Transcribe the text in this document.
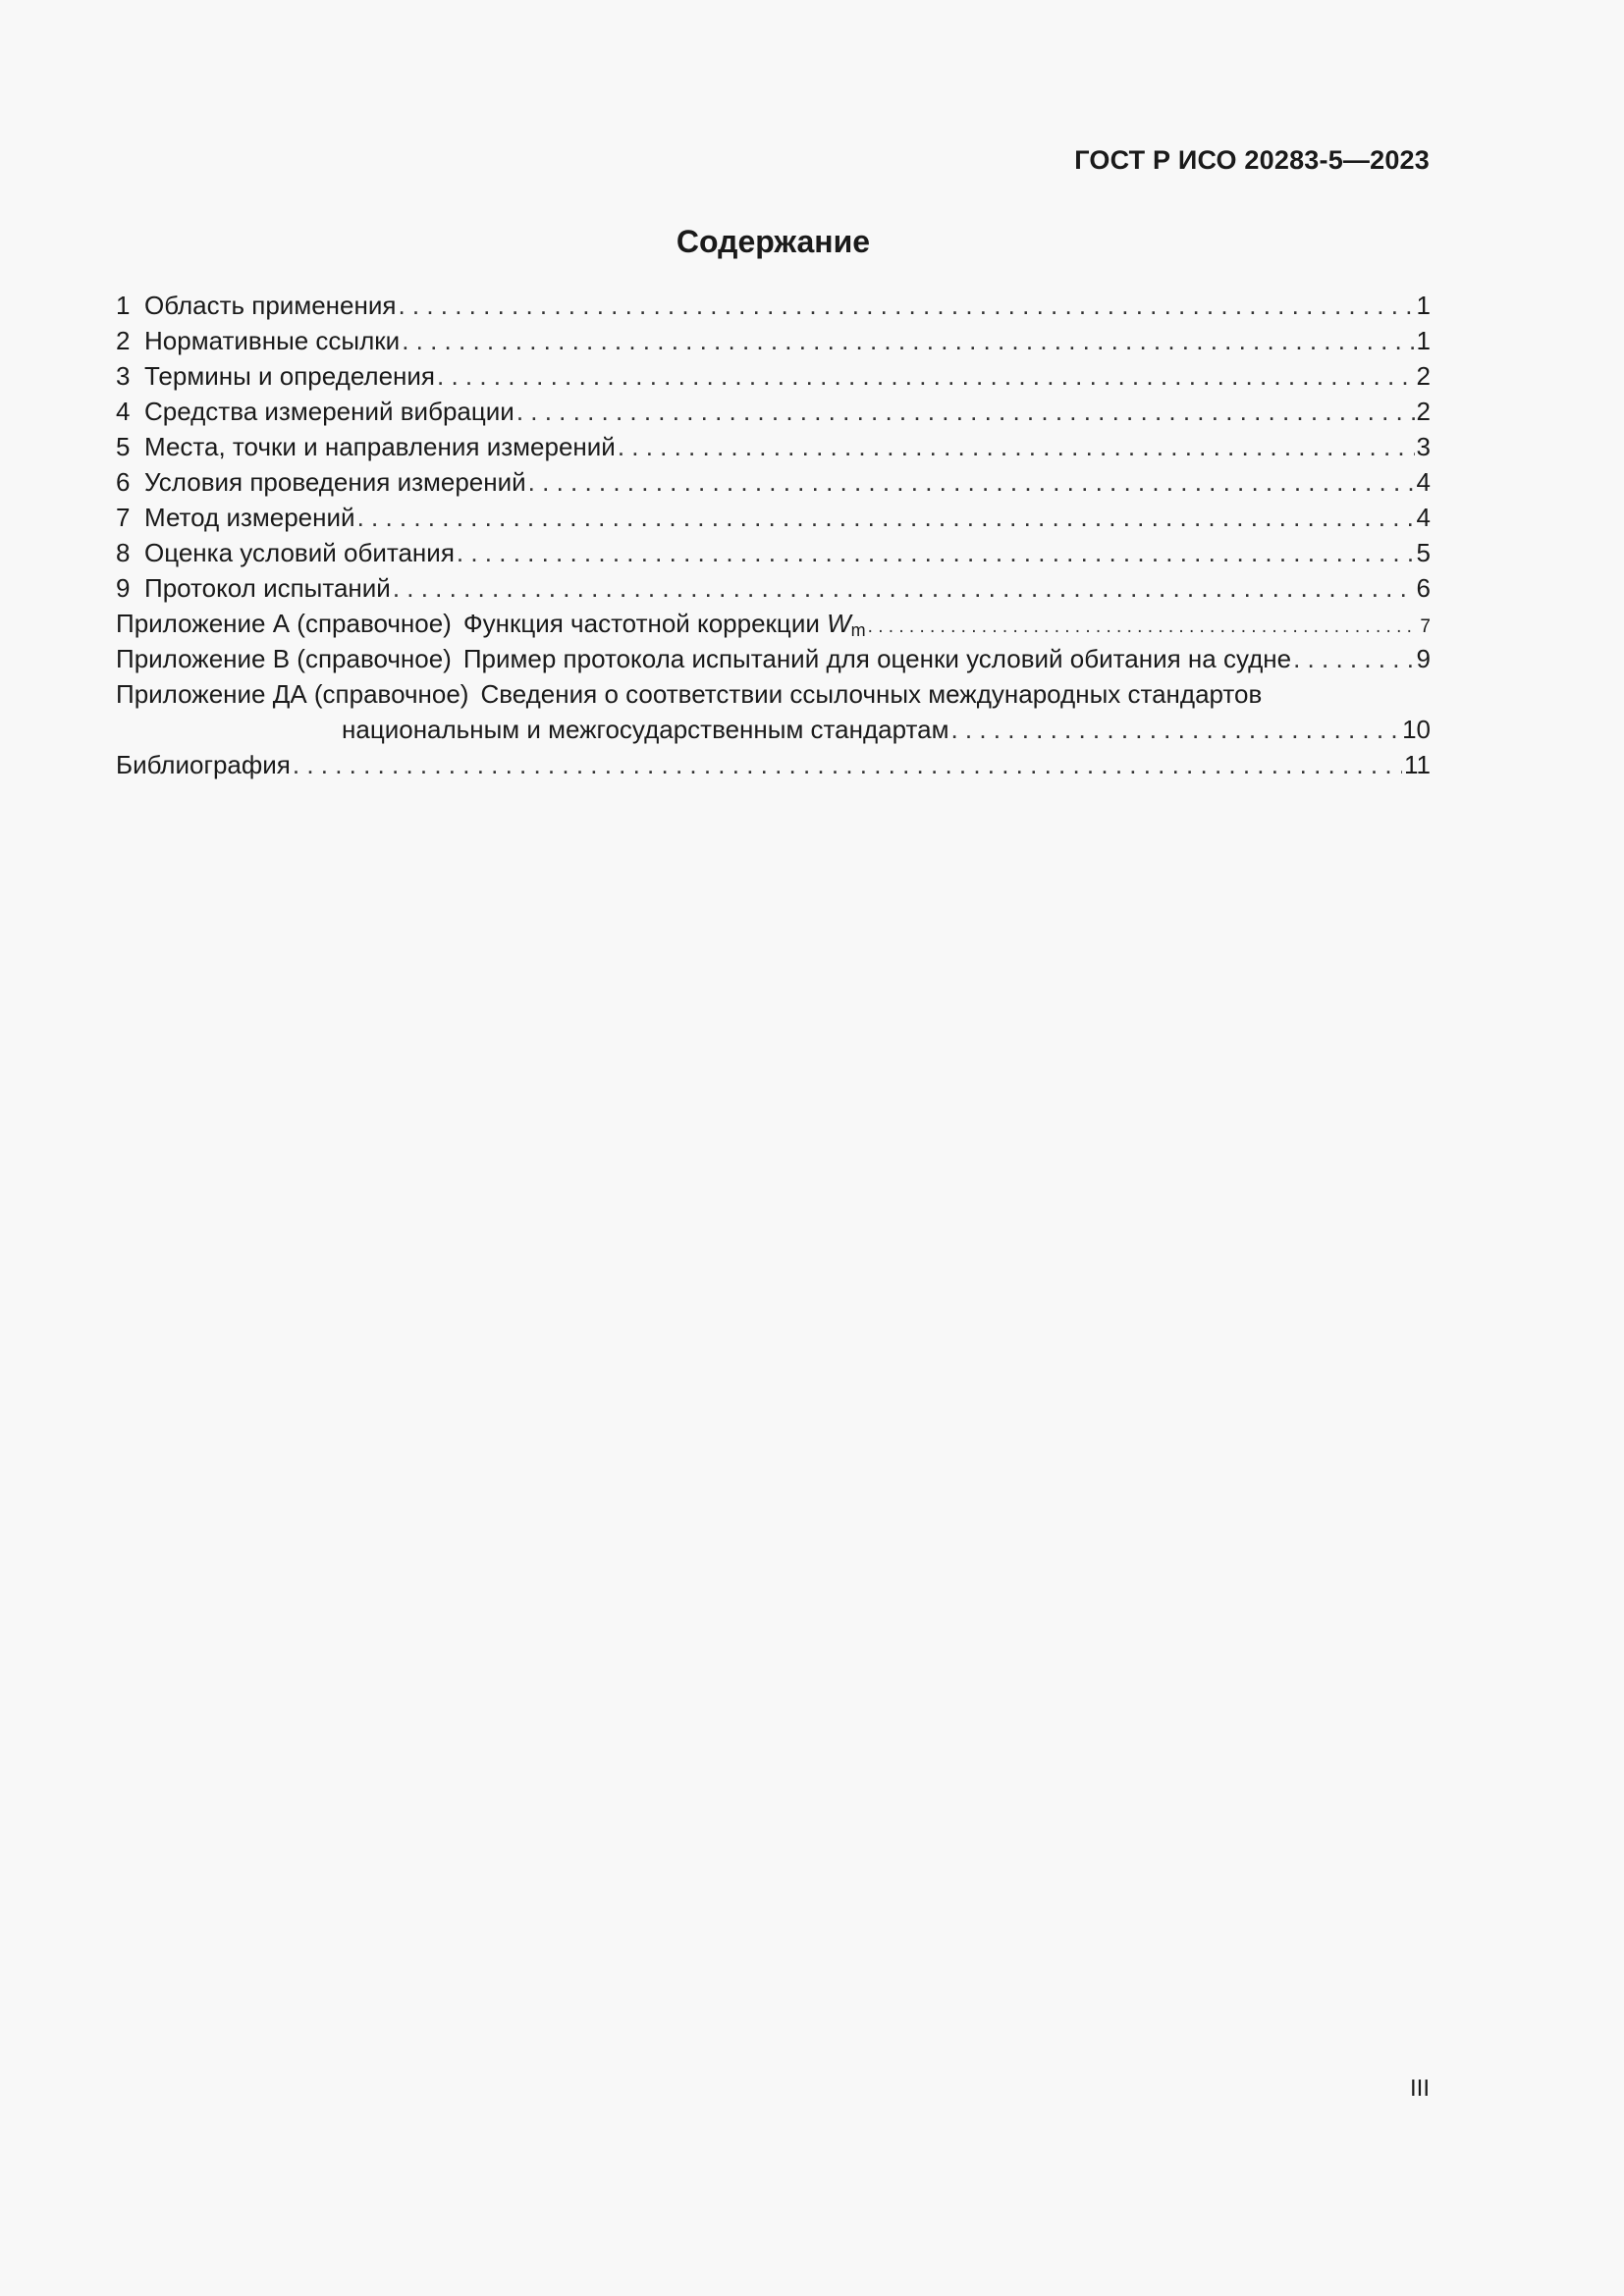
ГОСТ Р ИСО 20283-5—2023
Содержание
1 Область применения . . .	1
2 Нормативные ссылки . . .	1
3 Термины и определения . . .	2
4 Средства измерений вибрации . . .	2
5 Места, точки и направления измерений . . .	3
6 Условия проведения измерений . . .	4
7 Метод измерений . . .	4
8 Оценка условий обитания . . .	5
9 Протокол испытаний . . .	6
Приложение А (справочное) Функция частотной коррекции $W_m$ . . .	7
Приложение В (справочное) Пример протокола испытаний для оценки условий обитания на судне . . .	9
Приложение ДА (справочное) Сведения о соответствии ссылочных международных стандартов
национальным и межгосударственным стандартам . . .	10
Библиография . . .	11
III
